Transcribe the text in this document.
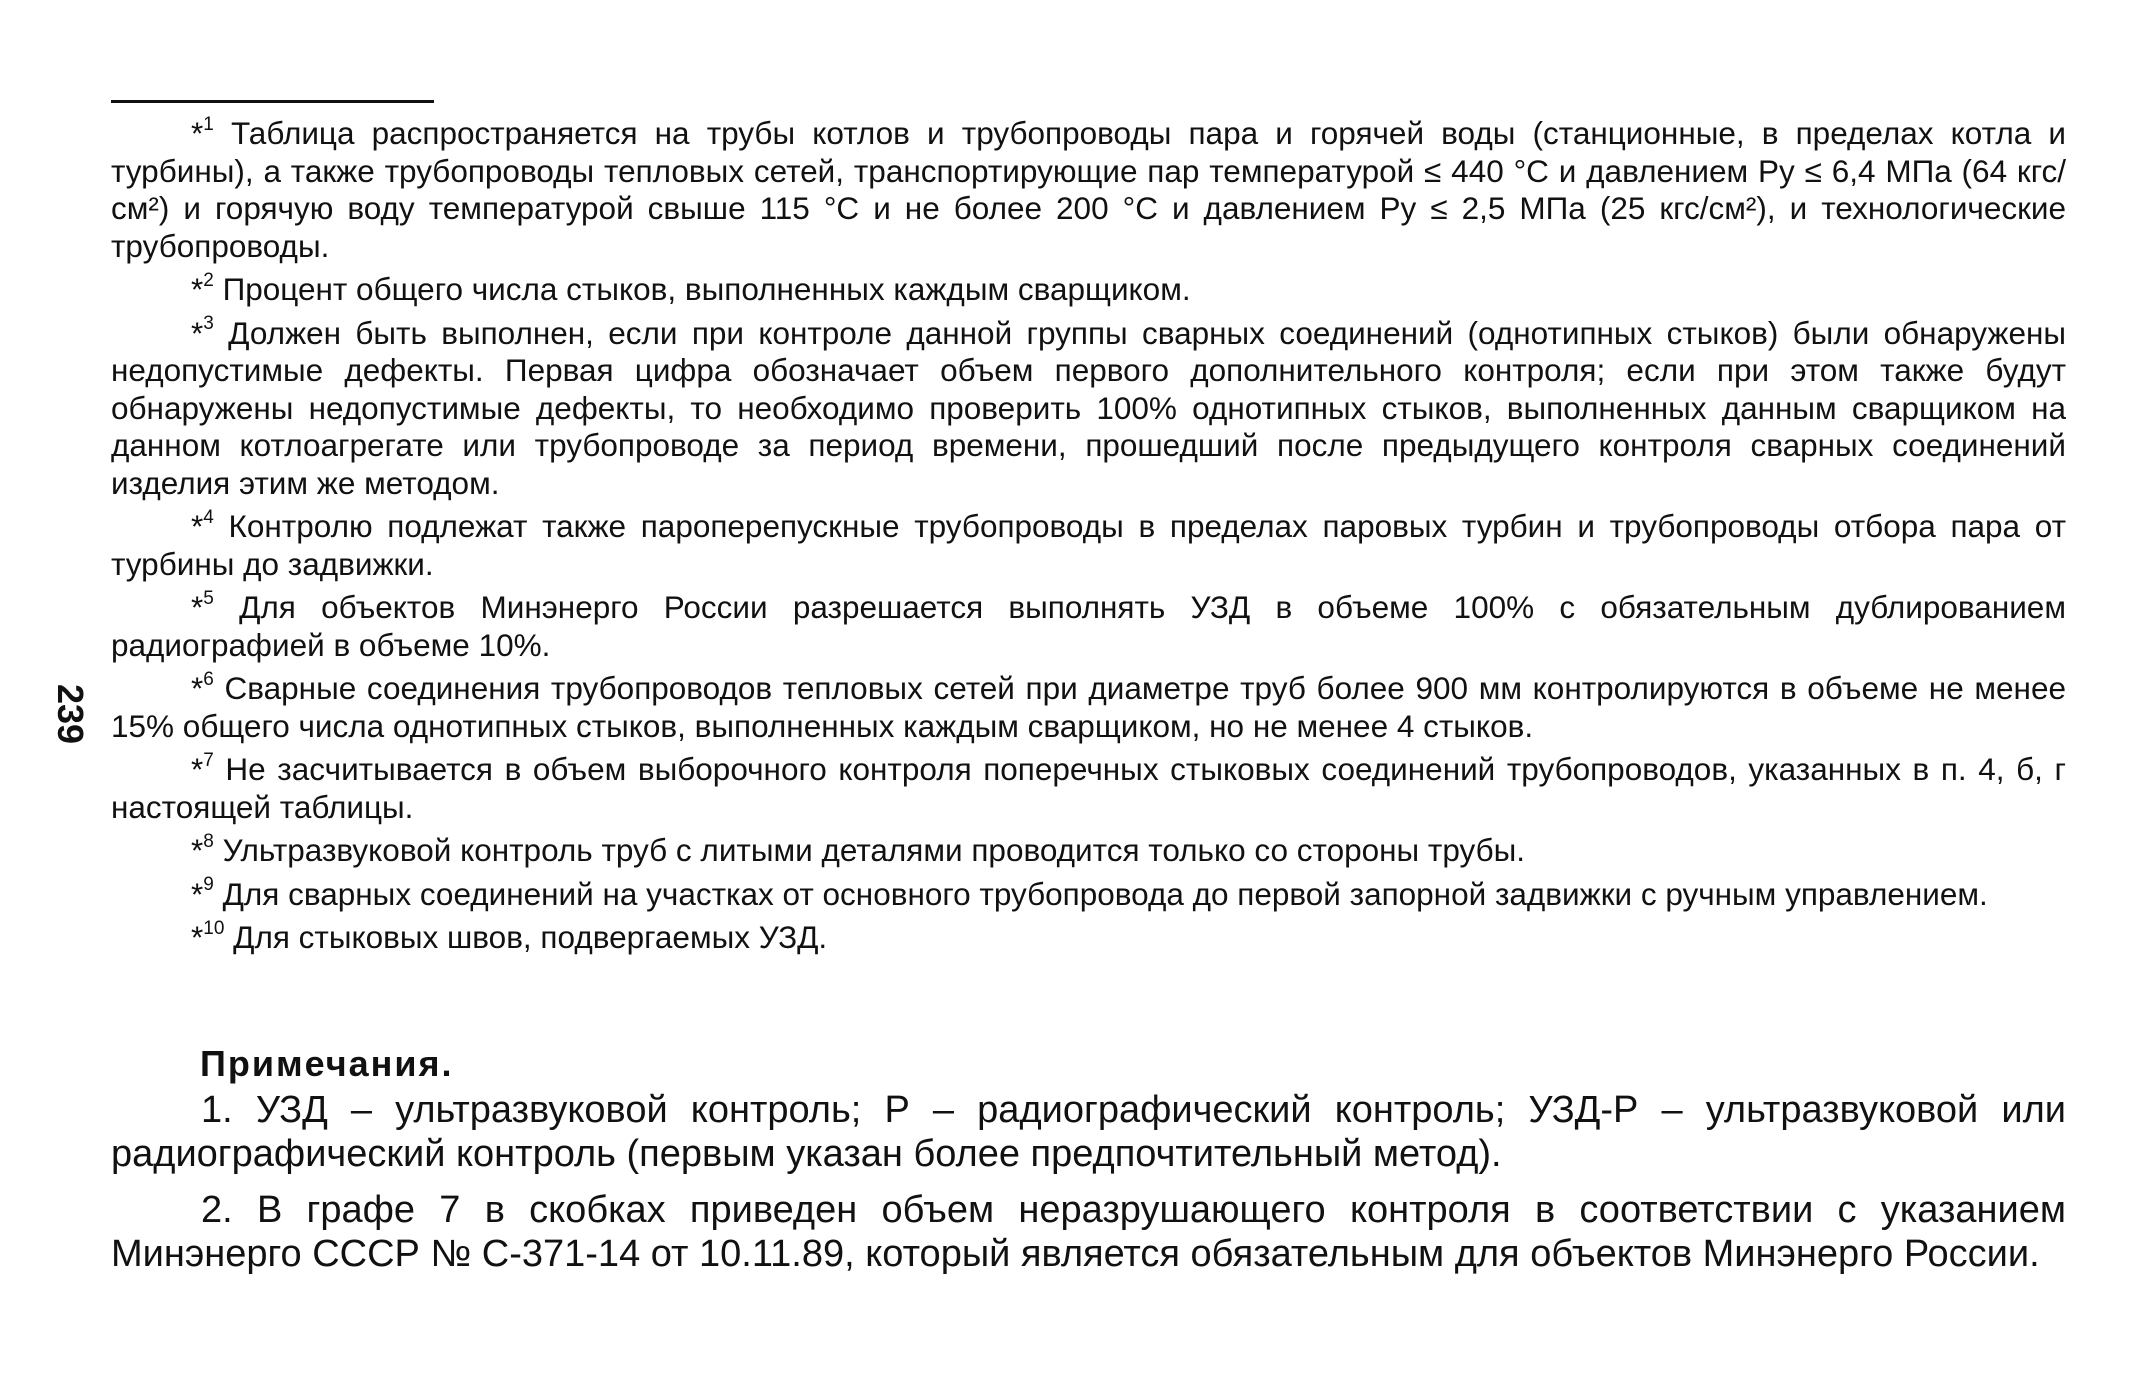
239

*$^1$ Таблица распространяется на трубы котлов и трубопроводы пара и горячей воды (станционные, в пределах котла и турбины), а также трубопроводы тепловых сетей, транспортирующие пар температурой ≤ 440 °С и давлением Pу ≤ 6,4 МПа (64 кгс/см²) и горячую воду температурой свыше 115 °С и не более 200 °С и давлением Pу ≤ 2,5 МПа (25 кгс/см²), и технологические трубопроводы.

*$^2$ Процент общего числа стыков, выполненных каждым сварщиком.

*$^3$ Должен быть выполнен, если при контроле данной группы сварных соединений (однотипных стыков) были обнаружены недопустимые дефекты. Первая цифра обозначает объем первого дополнительного контроля; если при этом также будут обнаружены недопустимые дефекты, то необходимо проверить 100% однотипных стыков, выполненных данным сварщиком на данном котлоагрегате или трубопроводе за период времени, прошедший после предыдущего контроля сварных соединений изделия этим же методом.

*$^4$ Контролю подлежат также пароперепускные трубопроводы в пределах паровых турбин и трубопроводы отбора пара от турбины до задвижки.

*$^5$ Для объектов Минэнерго России разрешается выполнять УЗД в объеме 100% с обязательным дублированием радиографией в объеме 10%.

*$^6$ Сварные соединения трубопроводов тепловых сетей при диаметре труб более 900 мм контролируются в объеме не менее 15% общего числа однотипных стыков, выполненных каждым сварщиком, но не менее 4 стыков.

*$^7$ Не засчитывается в объем выборочного контроля поперечных стыковых соединений трубопроводов, указанных в п. 4, б, г настоящей таблицы.

*$^8$ Ультразвуковой контроль труб с литыми деталями проводится только со стороны трубы.

*$^9$ Для сварных соединений на участках от основного трубопровода до первой запорной задвижки с ручным управлением.

*$^{10}$ Для стыковых швов, подвергаемых УЗД.

Примечания.

1. УЗД – ультразвуковой контроль; Р – радиографический контроль; УЗД-Р – ультразвуковой или радиографический контроль (первым указан более предпочтительный метод).

2. В графе 7 в скобках приведен объем неразрушающего контроля в соответствии с указанием Минэнерго СССР № С-371-14 от 10.11.89, который является обязательным для объектов Минэнерго России.
